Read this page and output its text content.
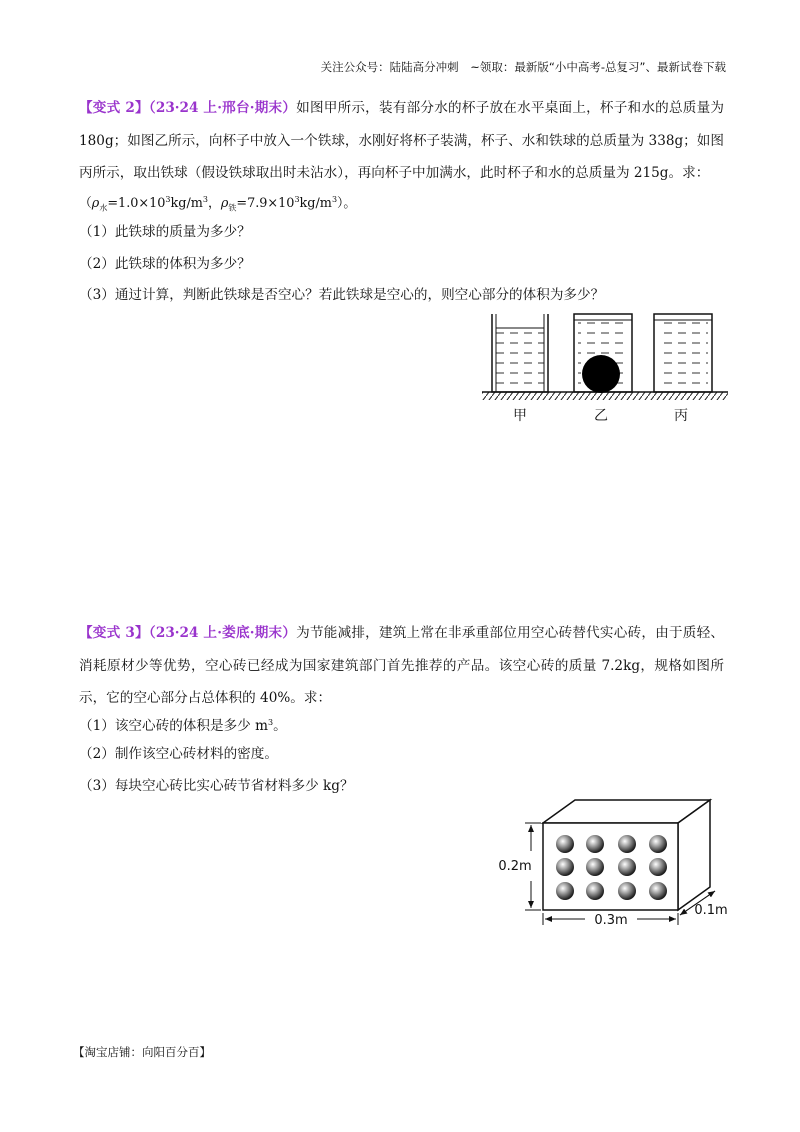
关注公众号：陆陆高分冲刺 ~领取：最新版“小中高考-总复习”、最新试卷下载
【变式 2】（23·24 上·邢台·期末）如图甲所示，装有部分水的杯子放在水平桌面上，杯子和水的总质量为 180g；如图乙所示，向杯子中放入一个铁球，水刚好将杯子装满，杯子、水和铁球的总质量为 338g；如图丙所示，取出铁球（假设铁球取出时未沾水），再向杯子中加满水，此时杯子和水的总质量为 215g。求：
（$\rho_水=1.0\times 10^3kg/m^3$，$\rho_铁=7.9\times 10^3kg/m^3$）。
（1）此铁球的质量为多少？
（2）此铁球的体积为多少？
（3）通过计算，判断此铁球是否空心？若此铁球是空心的，则空心部分的体积为多少？
甲	乙	丙
【变式 3】（23·24 上·娄底·期末）为节能减排，建筑上常在非承重部位用空心砖替代实心砖，由于质轻、消耗原材少等优势，空心砖已经成为国家建筑部门首先推荐的产品。该空心砖的质量 7.2kg，规格如图所示，它的空心部分占总体积的 40%。求：
（1）该空心砖的体积是多少 $m^3$。
（2）制作该空心砖材料的密度。
（3）每块空心砖比实心砖节省材料多少 kg？
0.2m
0.3m
0.1m
【淘宝店铺：向阳百分百】
